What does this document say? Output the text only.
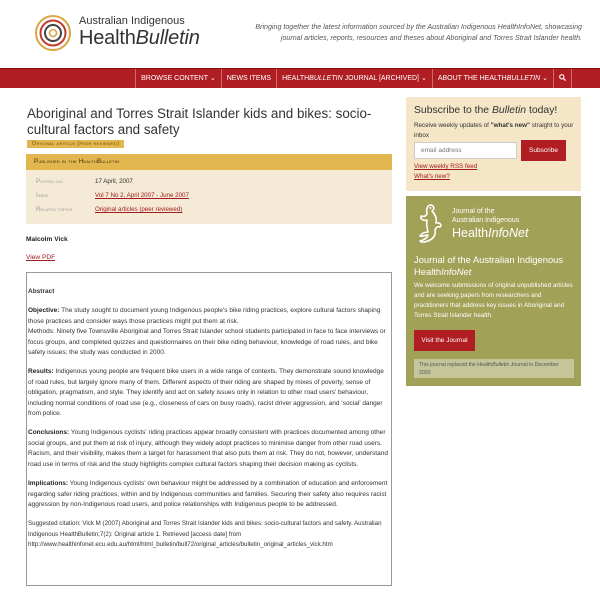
Australian Indigenous
HealthBulletin	Bringing together the latest information sourced by the Australian Indigenous HealthInfoNet, showcasing journal articles, reports, resources and theses about Aboriginal and Torres Strait Islander health.
BROWSE CONTENT ⌄	NEWS ITEMS	HEALTHBULLETIN JOURNAL [ARCHIVED] ⌄	ABOUT THE HEALTHBULLETIN ⌄
Aboriginal and Torres Strait Islander kids and bikes: socio-cultural factors and safety
Original article (peer reviewed)
Published in the HealthBulletin
Posted on:	17 April, 2007
Issue	Vol 7 No 2, April 2007 - June 2007
Related topics	Original articles (peer reviewed)
Malcolm Vick
View PDF

Abstract

Objective: The study sought to document young Indigenous people's bike riding practices, explore cultural factors shaping those practices and consider ways those practices might put them at risk.

Methods: Ninety five Townsville Aboriginal and Torres Strait Islander school students participated in face to face interviews or focus groups, and completed quizzes and questionnaires on their bike riding behaviour, knowledge of road rules, and bike safety issues; the study was conducted in 2000.

Results: Indigenous young people are frequent bike users in a wide range of contexts. They demonstrate sound knowledge of road rules, but largely ignore many of them. Different aspects of their riding are shaped by mixes of poverty, sense of obligation, pragmatism, and style. They identify and act on safety issues only in relation to other road users' behaviour, including normal conditions of road use (e.g., closeness of cars on busy roads), racist driver aggression, and ‘social’ danger from police.

Conclusions: Young Indigenous cyclists' riding practices appear broadly consistent with practices documented among other social groups, and put them at risk of injury, although they widely adopt practices to minimise danger from other road users. Racism, and their visibility, makes them a target for harassment that also puts them at risk. They do not, however, understand road use in terms of risk and the study highlights complex cultural factors shaping their decision making as cyclists.

Implications: Young Indigenous cyclists' own behaviour might be addressed by a combination of education and enforcement regarding safer riding practices, within and by Indigenous communities and families. Securing their safety also requires racist aggression by non-Indigenous road users, and police relationships with Indigenous people to be addressed.

Suggested citation: Vick M (2007) Aboriginal and Torres Strait Islander kids and bikes: socio-cultural factors and safety. Australian Indigenous HealthBulletin;7(2): Original article 1. Retrieved [access date] from http://www.healthinfonet.ecu.edu.au/html/html_bulletin/bull72/original_articles/bulletin_original_articles_vick.htm

Subscribe to the Bulletin today!
Receive weekly updates of "what's new" straight to your inbox
email address
Subscribe
View weekly RSS feed
What's new?
Journal of the
Australian Indigenous
HealthInfoNet
Journal of the Australian Indigenous HealthInfoNet
We welcome submissions of original unpublished articles and are seeking papers from researchers and practitioners that address key issues in Aboriginal and Torres Strait Islander health.
Visit the Journal
This journal replaced the HealthBulletin Journal in December 2020
